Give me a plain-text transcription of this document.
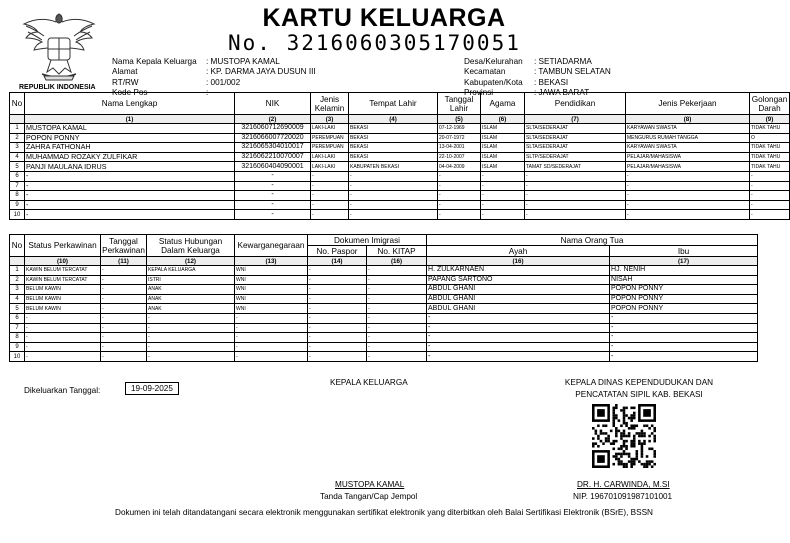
REPUBLIK INDONESIA
KARTU KELUARGA
No. 3216060305170051
Nama Kepala Keluarga	: MUSTOPA KAMAL
Alamat	: KP. DARMA JAYA DUSUN III
RT/RW	: 001/002
Kode Pos	:
Desa/Kelurahan	: SETIADARMA
Kecamatan	: TAMBUN SELATAN
Kabupaten/Kota	: BEKASI
Provinsi	: JAWA BARAT
No	Nama Lengkap	NIK	Jenis Kelamin	Tempat Lahir	Tanggal Lahir	Agama	Pendidikan	Jenis Pekerjaan	Golongan Darah
	(1)	(2)	(3)	(4)	(5)	(6)	(7)	(8)	(9)
1	MUSTOPA KAMAL	3216060712690009	LAKI-LAKI	BEKASI	07-12-1969	ISLAM	SLTA/SEDERAJAT	KARYAWAN SWASTA	TIDAK TAHU
2	POPON PONNY	3216066007720020	PEREMPUAN	BEKASI	20-07-1972	ISLAM	SLTA/SEDERAJAT	MENGURUS RUMAH TANGGA	O
3	ZAHRA FATHONAH	3216065304010017	PEREMPUAN	BEKASI	13-04-2001	ISLAM	SLTA/SEDERAJAT	KARYAWAN SWASTA	TIDAK TAHU
4	MUHAMMAD ROZAKY ZULFIKAR	3216062210070007	LAKI-LAKI	BEKASI	22-10-2007	ISLAM	SLTP/SEDERAJAT	PELAJAR/MAHASISWA	TIDAK TAHU
5	PANJI MAULANA IDRUS	3216060404090001	LAKI-LAKI	KABUPATEN BEKASI	04-04-2009	ISLAM	TAMAT SD/SEDERAJAT	PELAJAR/MAHASISWA	TIDAK TAHU
6	-	-	-	-	-	-	-	-	-
7	-	-	-	-	-	-	-	-	-
8	-	-	-	-	-	-	-	-	-
9	-	-	-	-	-	-	-	-	-
10	-	-	-	-	-	-	-	-	-
No	Status Perkawinan	Tanggal Perkawinan	Status Hubungan Dalam Keluarga	Kewarganegaraan	Dokumen Imigrasi		Nama Orang Tua	
					No. Paspor	No. KITAP	Ayah	Ibu
	(10)	(11)	(12)	(13)	(14)	(16)	(16)	(17)
1	KAWIN BELUM TERCATAT	-	KEPALA KELUARGA	WNI	-	-	H. ZULKARNAEN	HJ. NENIH
2	KAWIN BELUM TERCATAT	-	ISTRI	WNI	-	-	PAPANG SARTONO	NISAH
3	BELUM KAWIN	-	ANAK	WNI	-	-	ABDUL GHANI	POPON PONNY
4	BELUM KAWIN	-	ANAK	WNI	-	-	ABDUL GHANI	POPON PONNY
5	BELUM KAWIN	-	ANAK	WNI	-	-	ABDUL GHANI	POPON PONNY
6	-	-	-	-	-	-	-	-
7	-	-	-	-	-	-	-	-
8	-	-	-	-	-	-	-	-
9	-	-	-	-	-	-	-	-
10	-	-	-	-	-	-	-	-
Dikeluarkan Tanggal:	19-09-2025
KEPALA KELUARGA
MUSTOPA KAMAL
Tanda Tangan/Cap Jempol
KEPALA DINAS KEPENDUDUKAN DAN
PENCATATAN SIPIL KAB. BEKASI
DR. H. CARWINDA, M.SI
NIP. 196701091987101001
Dokumen ini telah ditandatangani secara elektronik menggunakan sertifikat elektronik yang diterbitkan oleh Balai Sertifikasi Elektronik (BSrE), BSSN
